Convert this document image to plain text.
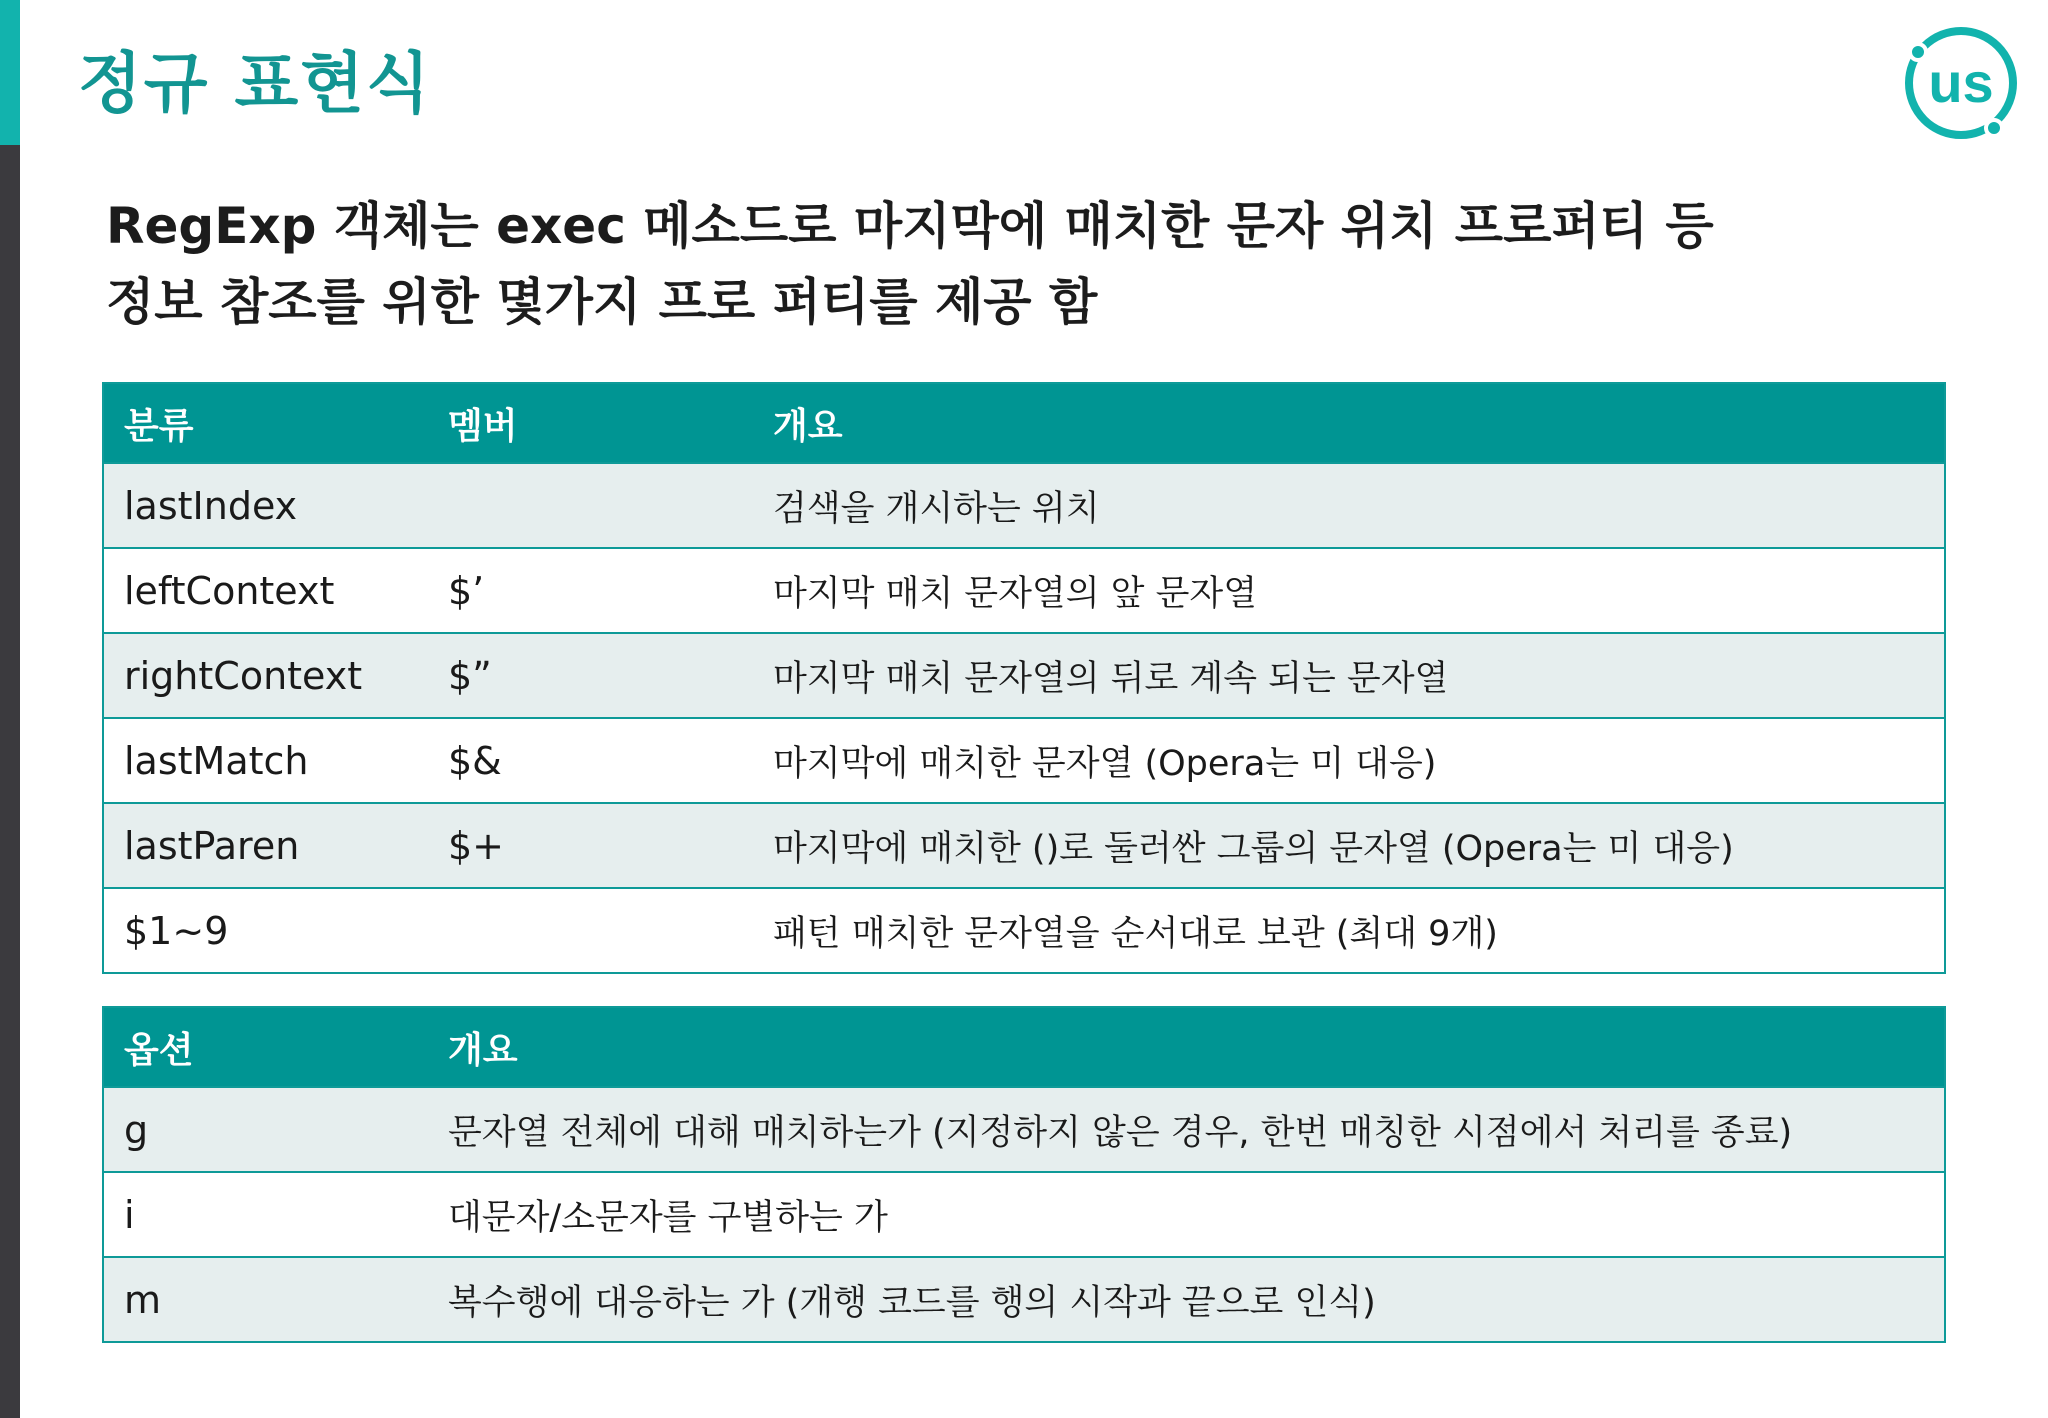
정규 표현식	us
RegExp 객체는 exec 메소드로 마지막에 매치한 문자 위치 프로퍼티 등
정보 참조를 위한 몇가지 프로 퍼티를 제공 함
분류	멤버	개요
lastIndex		검색을 개시하는 위치
leftContext	$’	마지막 매치 문자열의 앞 문자열
rightContext	$”	마지막 매치 문자열의 뒤로 계속 되는 문자열
lastMatch	$&	마지막에 매치한 문자열 (Opera는 미 대응)
lastParen	$+	마지막에 매치한 ()로 둘러싼 그룹의 문자열 (Opera는 미 대응)
$1~9		패턴 매치한 문자열을 순서대로 보관 (최대 9개)
옵션	개요
g	문자열 전체에 대해 매치하는가 (지정하지 않은 경우, 한번 매칭한 시점에서 처리를 종료)
i	대문자/소문자를 구별하는 가
m	복수행에 대응하는 가 (개행 코드를 행의 시작과 끝으로 인식)
